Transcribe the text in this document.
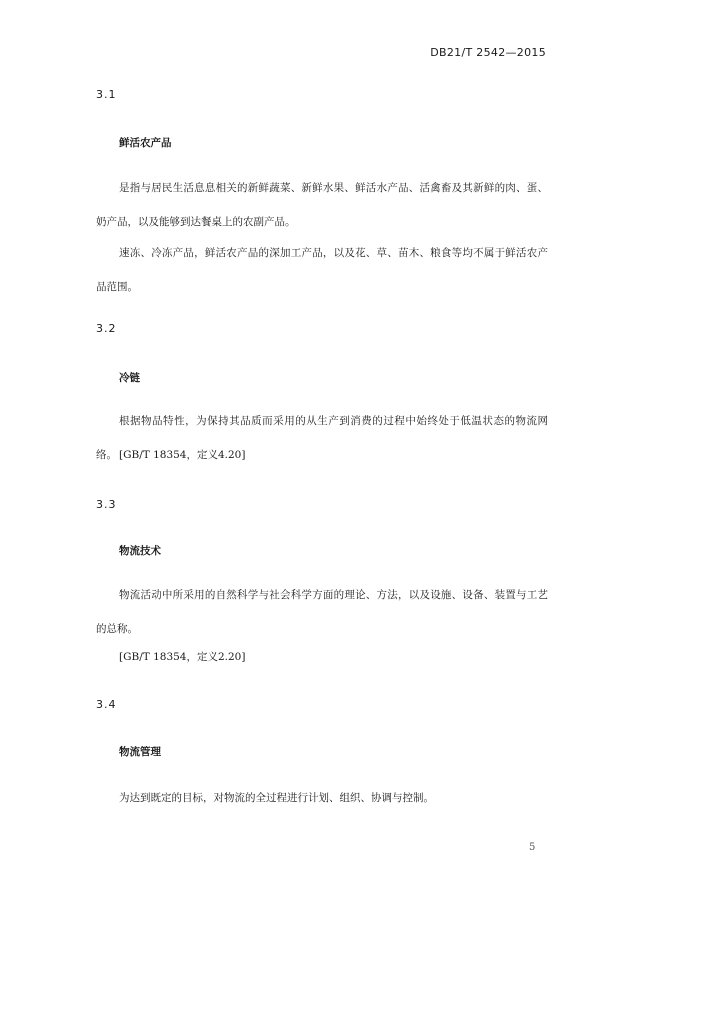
DB21/T 2542—2015
3.1
鲜活农产品

是指与居民生活息息相关的新鲜蔬菜、新鲜水果、鲜活水产品、活禽畜及其新鲜的肉、蛋、奶产品，以及能够到达餐桌上的农副产品。

速冻、冷冻产品，鲜活农产品的深加工产品，以及花、草、苗木、粮食等均不属于鲜活农产品范围。

3.2
冷链

根据物品特性，为保持其品质而采用的从生产到消费的过程中始终处于低温状态的物流网络。 [GB/T 18354，定义4.20]
3.3
物流技术

物流活动中所采用的自然科学与社会科学方面的理论、方法，以及设施、设备、装置与工艺的总称。

[GB/T 18354，定义2.20]
3.4
物流管理

为达到既定的目标，对物流的全过程进行计划、组织、协调与控制。

5
